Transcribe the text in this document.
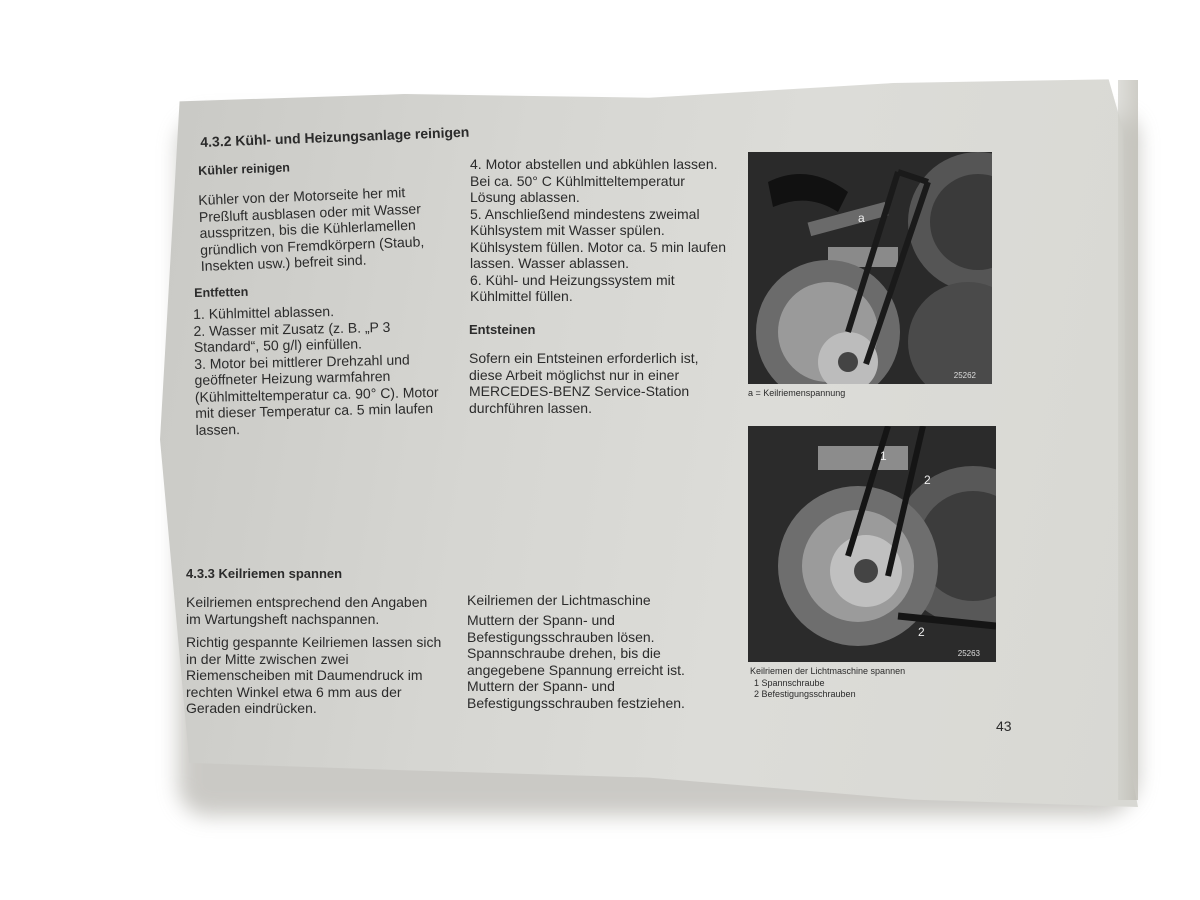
4.3.2 Kühl- und Heizungsanlage reinigen
Kühler reinigen
Kühler von der Motorseite her mit Preßluft ausblasen oder mit Wasser ausspritzen, bis die Kühlerlamellen gründlich von Fremdkörpern (Staub, Insekten usw.) befreit sind.
Entfetten
1. Kühlmittel ablassen.
2. Wasser mit Zusatz (z. B. „P 3 Standard“, 50 g/l) einfüllen.
3. Motor bei mittlerer Drehzahl und geöffneter Heizung warmfahren (Kühlmitteltemperatur ca. 90° C). Motor mit dieser Temperatur ca. 5 min laufen lassen.
4. Motor abstellen und abkühlen lassen. Bei ca. 50° C Kühlmitteltemperatur Lösung ablassen.
5. Anschließend mindestens zweimal Kühlsystem mit Wasser spülen. Kühlsystem füllen. Motor ca. 5 min laufen lassen. Wasser ablassen.
6. Kühl- und Heizungssystem mit Kühlmittel füllen.
Entsteinen
Sofern ein Entsteinen erforderlich ist, diese Arbeit möglichst nur in einer MERCEDES-BENZ Service-Station durchführen lassen.
4.3.3 Keilriemen spannen
Keilriemen entsprechend den Angaben im Wartungsheft nachspannen.
Richtig gespannte Keilriemen lassen sich in der Mitte zwischen zwei Riemenscheiben mit Daumendruck im rechten Winkel etwa 6 mm aus der Geraden eindrücken.
Keilriemen der Lichtmaschine
Muttern der Spann- und Befestigungsschrauben lösen. Spannschraube drehen, bis die angegebene Spannung erreicht ist. Muttern der Spann- und Befestigungsschrauben festziehen.
a
25262
a = Keilriemenspannung
2
2
1
25263
Keilriemen der Lichtmaschine spannen
1 Spannschraube
2 Befestigungsschrauben
43
